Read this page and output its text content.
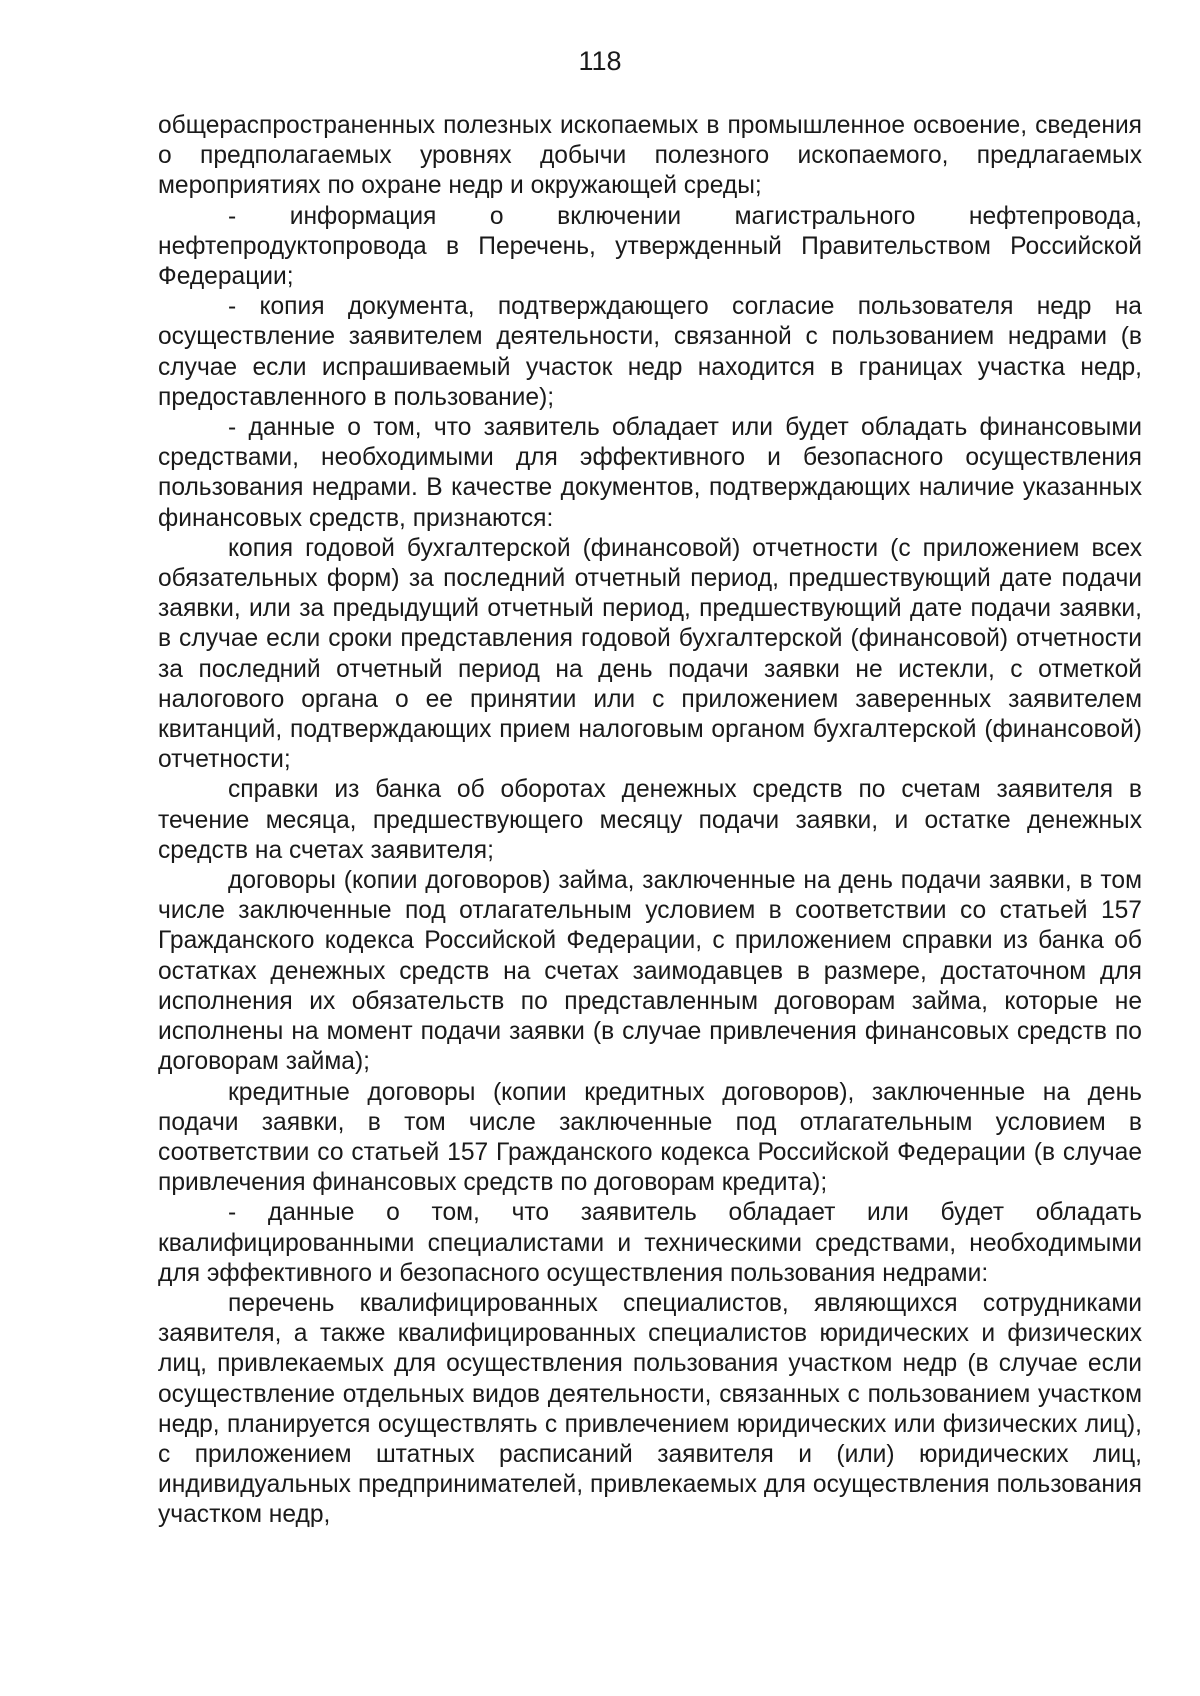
118

общераспространенных полезных ископаемых в промышленное освоение, сведения о предполагаемых уровнях добычи полезного ископаемого, предлагаемых мероприятиях по охране недр и окружающей среды;

- информация о включении магистрального нефтепровода, нефтепродуктопровода в Перечень, утвержденный Правительством Российской Федерации;

- копия документа, подтверждающего согласие пользователя недр на осуществление заявителем деятельности, связанной с пользованием недрами (в случае если испрашиваемый участок недр находится в границах участка недр, предоставленного в пользование);

- данные о том, что заявитель обладает или будет обладать финансовыми средствами, необходимыми для эффективного и безопасного осуществления пользования недрами. В качестве документов, подтверждающих наличие указанных финансовых средств, признаются:

копия годовой бухгалтерской (финансовой) отчетности (с приложением всех обязательных форм) за последний отчетный период, предшествующий дате подачи заявки, или за предыдущий отчетный период, предшествующий дате подачи заявки, в случае если сроки представления годовой бухгалтерской (финансовой) отчетности за последний отчетный период на день подачи заявки не истекли, с отметкой налогового органа о ее принятии или с приложением заверенных заявителем квитанций, подтверждающих прием налоговым органом бухгалтерской (финансовой) отчетности;

справки из банка об оборотах денежных средств по счетам заявителя в течение месяца, предшествующего месяцу подачи заявки, и остатке денежных средств на счетах заявителя;

договоры (копии договоров) займа, заключенные на день подачи заявки, в том числе заключенные под отлагательным условием в соответствии со статьей 157 Гражданского кодекса Российской Федерации, с приложением справки из банка об остатках денежных средств на счетах заимодавцев в размере, достаточном для исполнения их обязательств по представленным договорам займа, которые не исполнены на момент подачи заявки (в случае привлечения финансовых средств по договорам займа);

кредитные договоры (копии кредитных договоров), заключенные на день подачи заявки, в том числе заключенные под отлагательным условием в соответствии со статьей 157 Гражданского кодекса Российской Федерации (в случае привлечения финансовых средств по договорам кредита);

- данные о том, что заявитель обладает или будет обладать квалифицированными специалистами и техническими средствами, необходимыми для эффективного и безопасного осуществления пользования недрами:

перечень квалифицированных специалистов, являющихся сотрудниками заявителя, а также квалифицированных специалистов юридических и физических лиц, привлекаемых для осуществления пользования участком недр (в случае если осуществление отдельных видов деятельности, связанных с пользованием участком недр, планируется осуществлять с привлечением юридических или физических лиц), с приложением штатных расписаний заявителя и (или) юридических лиц, индивидуальных предпринимателей, привлекаемых для осуществления пользования участком недр,
